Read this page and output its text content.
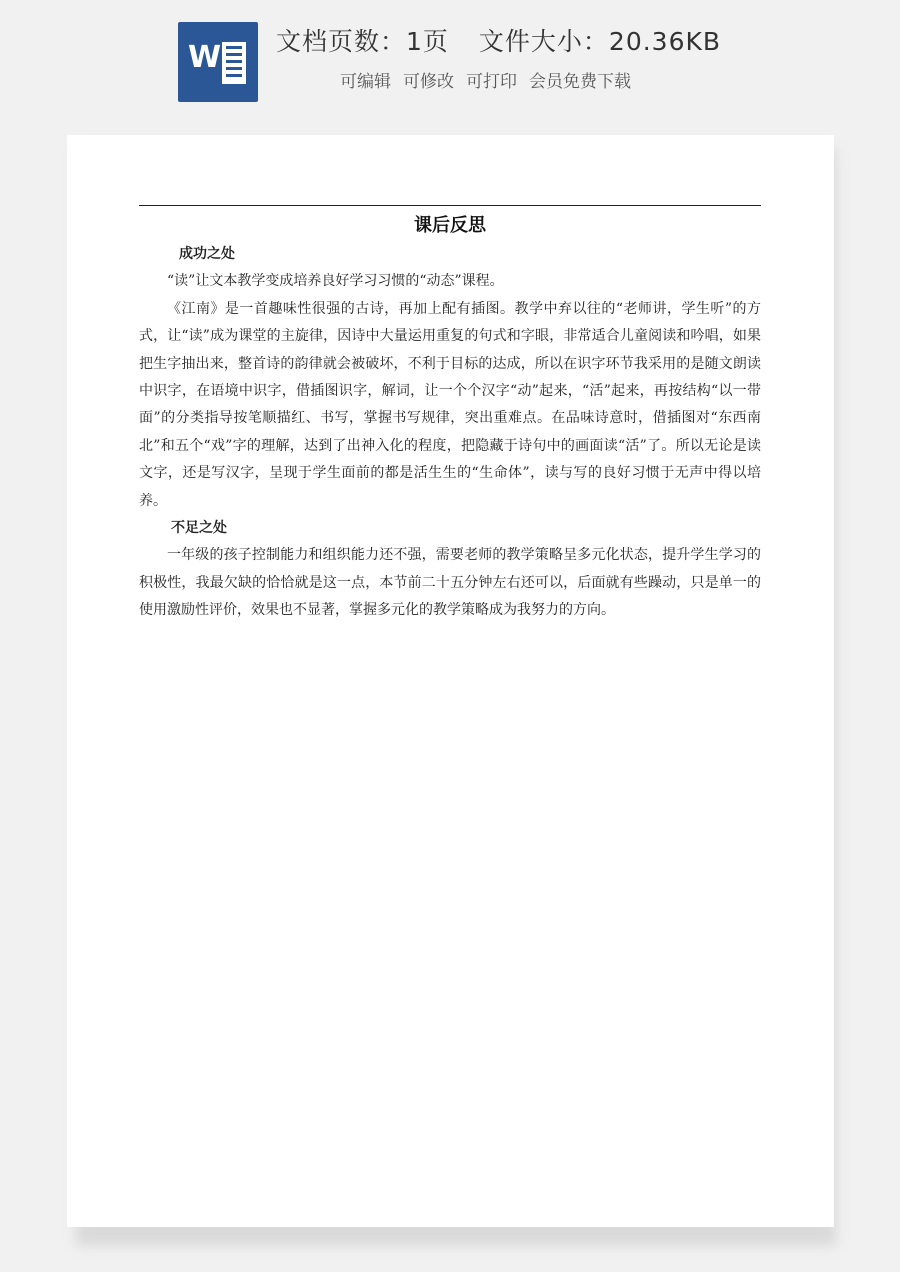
W 文档页数：1页 文件大小：20.36KB
可编辑 可修改 可打印 会员免费下载
课后反思
成功之处

“读”让文本教学变成培养良好学习习惯的“动态”课程。

《江南》是一首趣味性很强的古诗，再加上配有插图。教学中弃以往的“老师讲，学生听”的方式，让“读”成为课堂的主旋律，因诗中大量运用重复的句式和字眼，非常适合儿童阅读和吟唱，如果把生字抽出来，整首诗的韵律就会被破坏，不利于目标的达成，所以在识字环节我采用的是随文朗读中识字，在语境中识字，借插图识字，解词，让一个个汉字“动”起来，“活”起来，再按结构“以一带面”的分类指导按笔顺描红、书写，掌握书写规律，突出重难点。在品味诗意时，借插图对“东西南北”和五个“戏”字的理解，达到了出神入化的程度，把隐藏于诗句中的画面读“活”了。所以无论是读文字，还是写汉字，呈现于学生面前的都是活生生的“生命体”，读与写的良好习惯于无声中得以培养。

不足之处

一年级的孩子控制能力和组织能力还不强，需要老师的教学策略呈多元化状态，提升学生学习的积极性，我最欠缺的恰恰就是这一点，本节前二十五分钟左右还可以，后面就有些躁动，只是单一的使用激励性评价，效果也不显著，掌握多元化的教学策略成为我努力的方向。
